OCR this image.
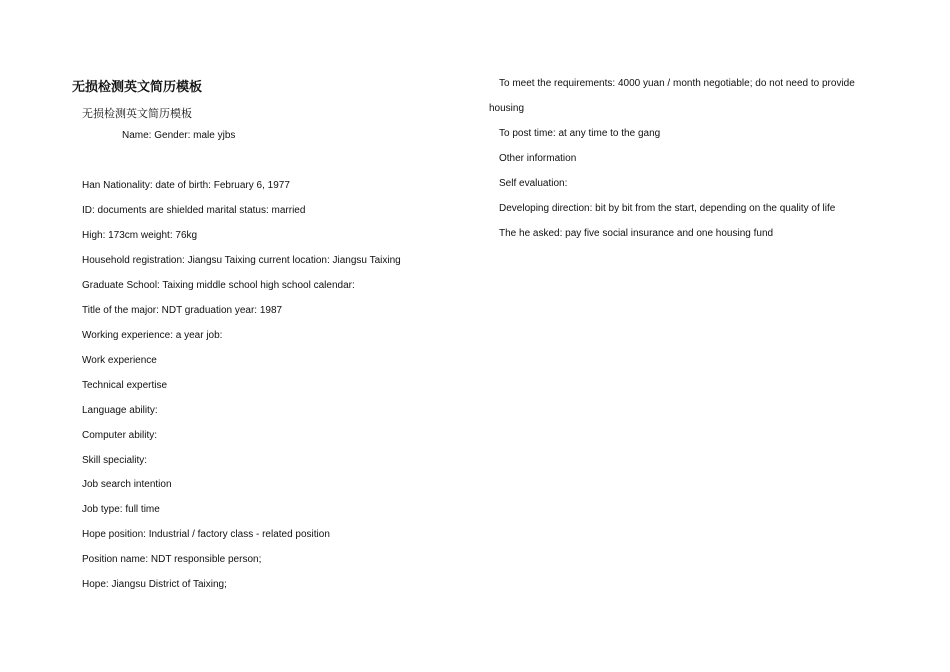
无损检测英文简历模板
无损检测英文简历模板
Name: Gender: male yjbs
Han Nationality: date of birth: February 6, 1977
ID: documents are shielded marital status: married
High: 173cm weight: 76kg
Household registration: Jiangsu Taixing current location: Jiangsu Taixing
Graduate School: Taixing middle school high school calendar:
Title of the major: NDT graduation year: 1987
Working experience: a year job:
Work experience
Technical expertise
Language ability:
Computer ability:
Skill speciality:
Job search intention
Job type: full time
Hope position: Industrial / factory class - related position
Position name: NDT responsible person;
Hope: Jiangsu District of Taixing;
To meet the requirements: 4000 yuan / month negotiable; do not need to provide
housing
To post time: at any time to the gang
Other information
Self evaluation:
Developing direction: bit by bit from the start, depending on the quality of life
The he asked: pay five social insurance and one housing fund
